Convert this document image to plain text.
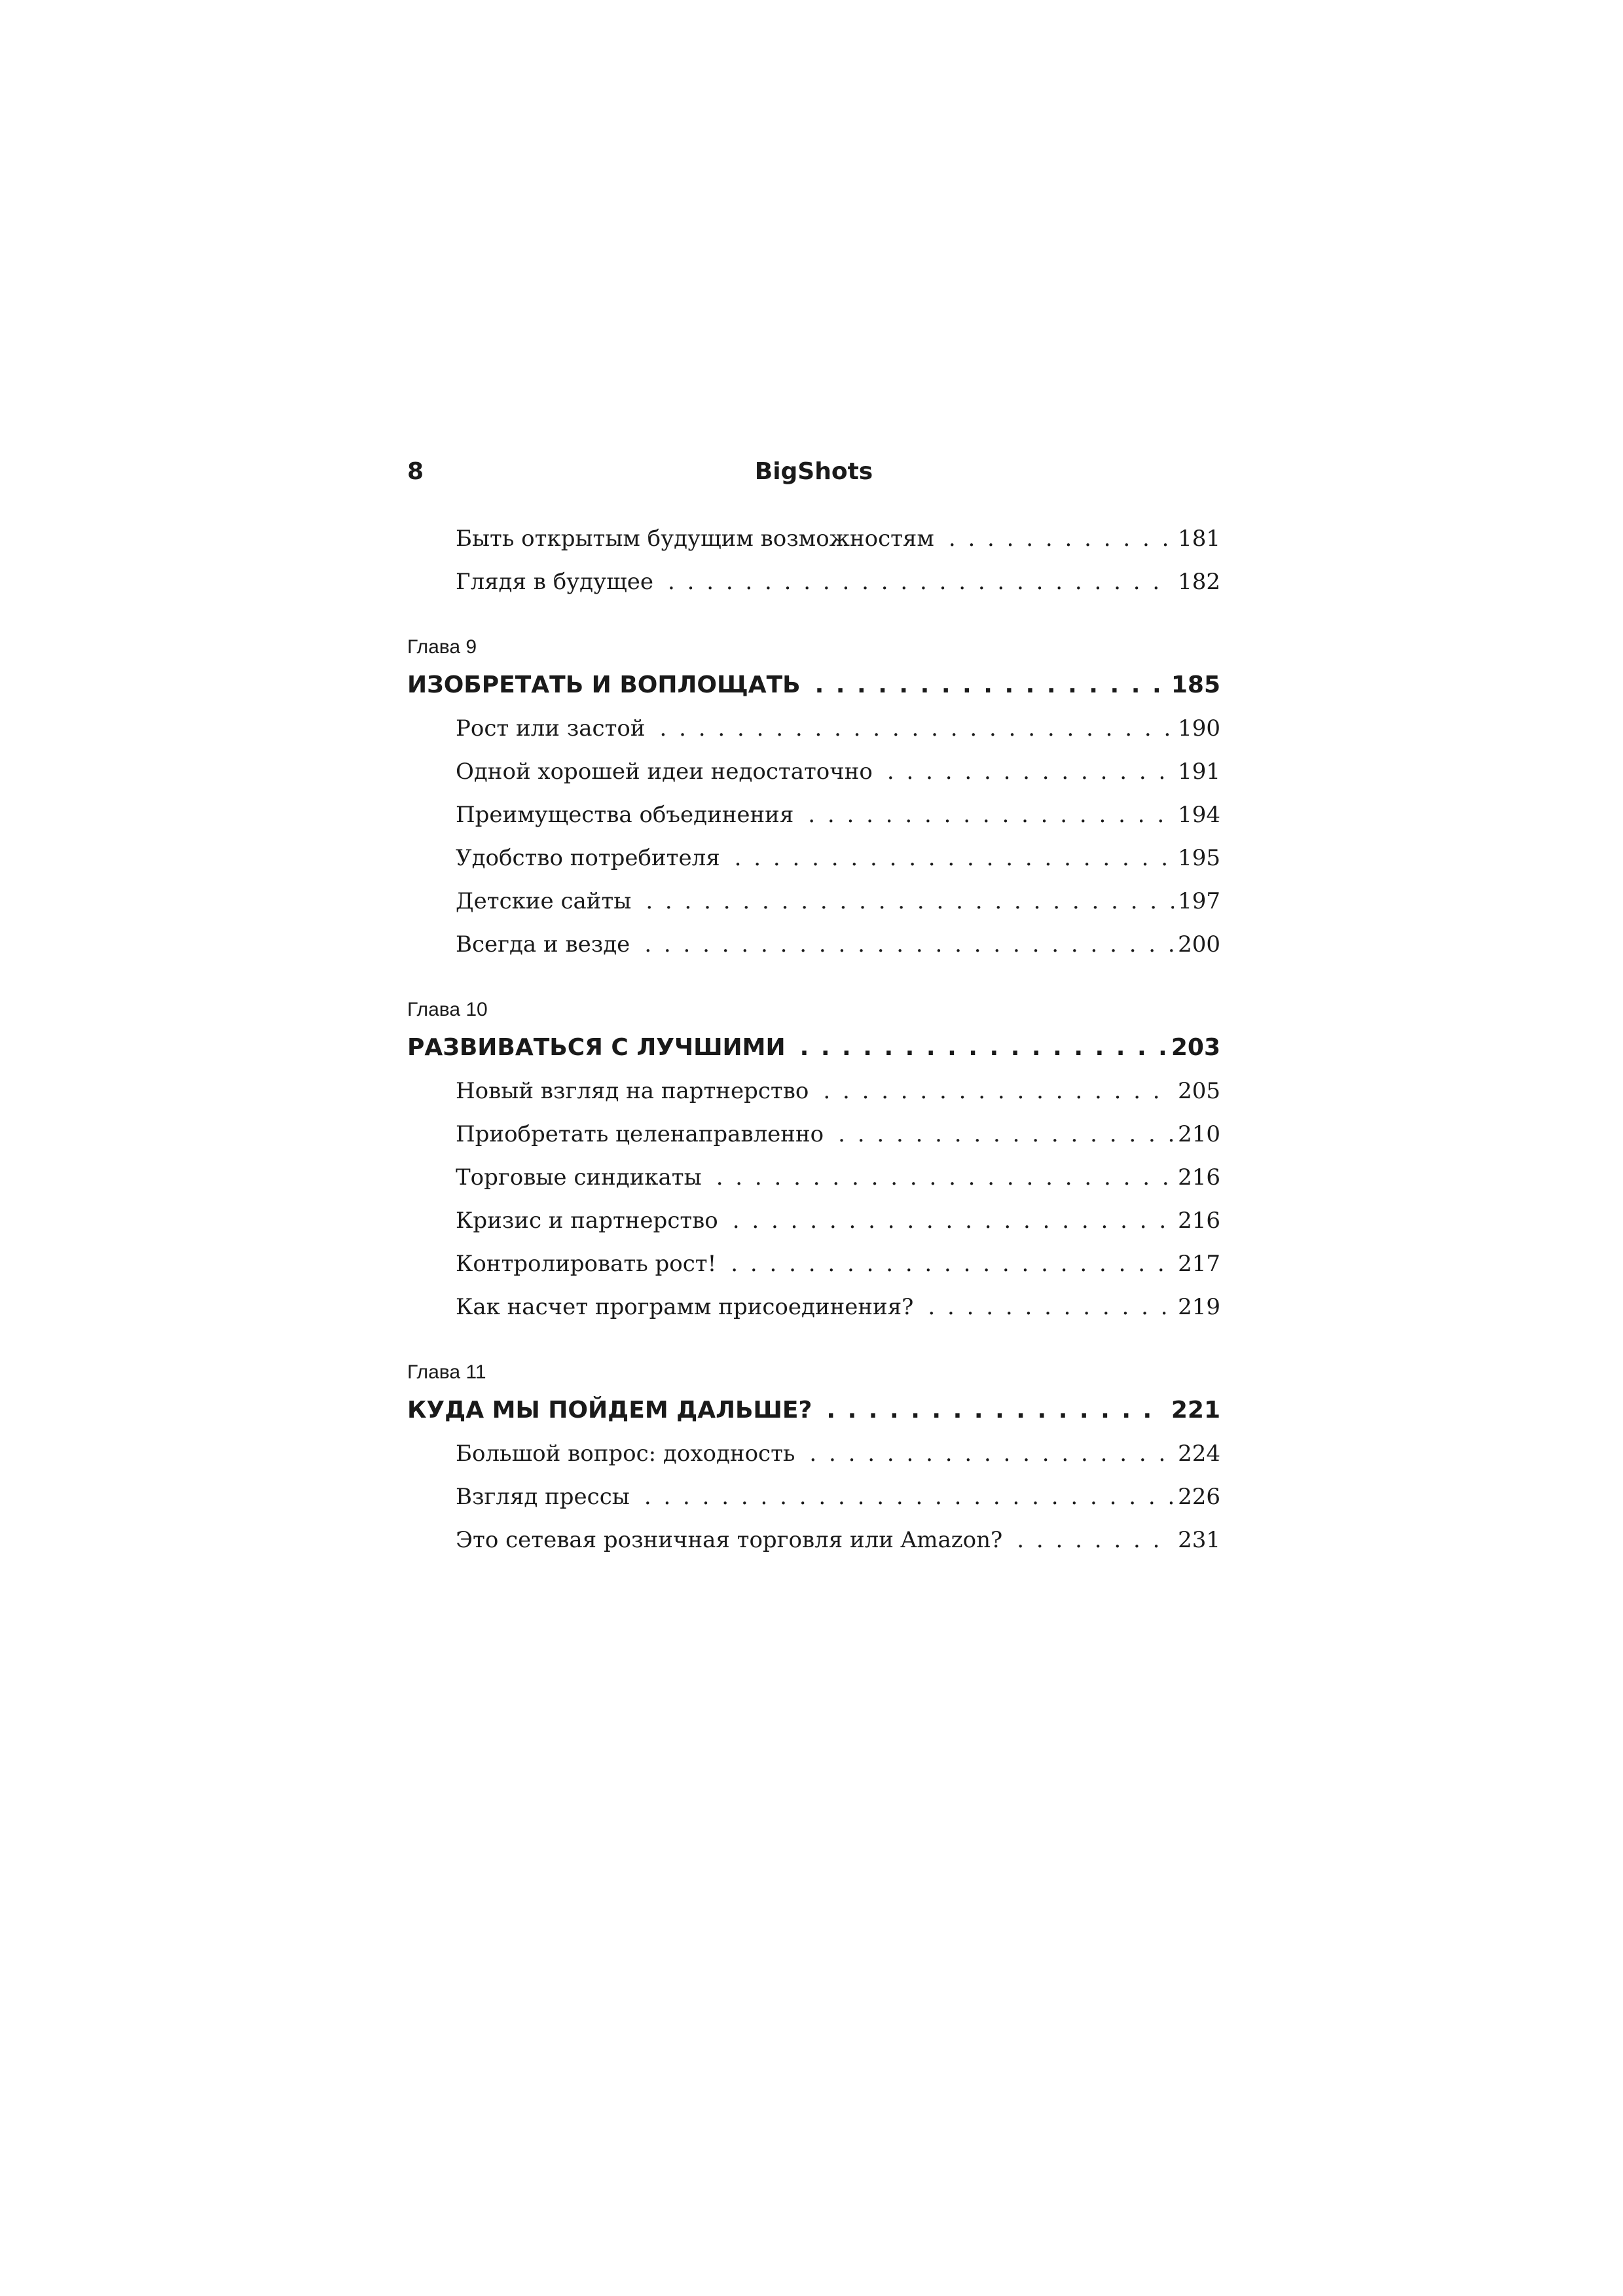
8	BigShots
Быть открытым будущим возможностям . . .	181
Глядя в будущее . . .	182
Глава 9
ИЗОБРЕТАТЬ И ВОПЛОЩАТЬ . . .	185
Рост или застой . . .	190
Одной хорошей идеи недостаточно . . .	191
Преимущества объединения . . .	194
Удобство потребителя . . .	195
Детские сайты . . .	197
Всегда и везде . . .	200
Глава 10
РАЗВИВАТЬСЯ С ЛУЧШИМИ . . .	203
Новый взгляд на партнерство . . .	205
Приобретать целенаправленно . . .	210
Торговые синдикаты . . .	216
Кризис и партнерство . . .	216
Контролировать рост! . . .	217
Как насчет программ присоединения? . . .	219
Глава 11
КУДА МЫ ПОЙДЕМ ДАЛЬШЕ? . . .	221
Большой вопрос: доходность . . .	224
Взгляд прессы . . .	226
Это сетевая розничная торговля или Amazon? . . .	231
